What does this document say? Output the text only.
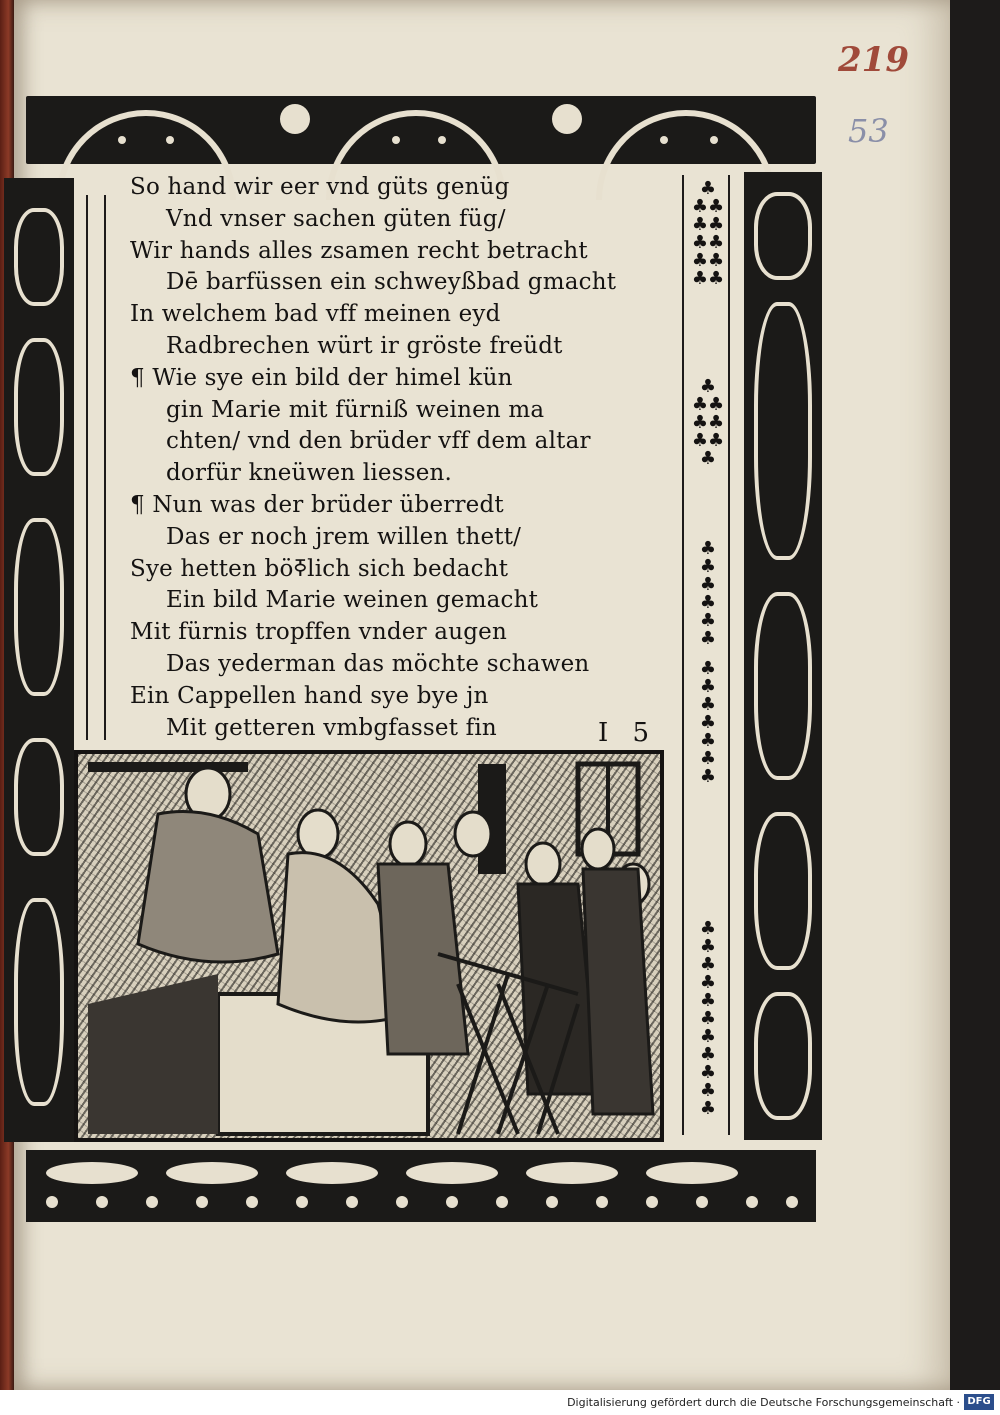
219
53
So hand wir eer vnd güts genüg
Vnd vnser sachen güten füg/
Wir hands alles zsamen recht betracht
Dē barfüssen ein schweyßbad gmacht
In welchem bad vff meinen eyd
Radbrechen würt ir gröste freüdt
¶ Wie sye ein bild der himel kün
gin Marie mit fürniß weinen ma
chten/ vnd den brüder vff dem altar
dorfür kneüwen liessen.
¶ Nun was der brüder überredt
Das er noch jrem willen thett/
Sye hetten böߧlich sich bedacht
Ein bild Marie weinen gemacht
Mit fürnis tropffen vnder augen
Das yederman das möchte schawen
Ein Cappellen hand sye bye jn
Mit getteren vmbgfasset fin	I 5
♣
♣♣
♣♣
♣♣
♣♣
♣♣
♣
♣♣
♣♣
♣♣
♣
♣
♣
♣
♣
♣
♣
♣
♣
♣
♣
♣
♣
♣
♣
♣
♣
♣
♣
♣
♣
♣
♣
♣
♣
Digitalisierung gefördert durch die Deutsche Forschungsgemeinschaft · DFG
